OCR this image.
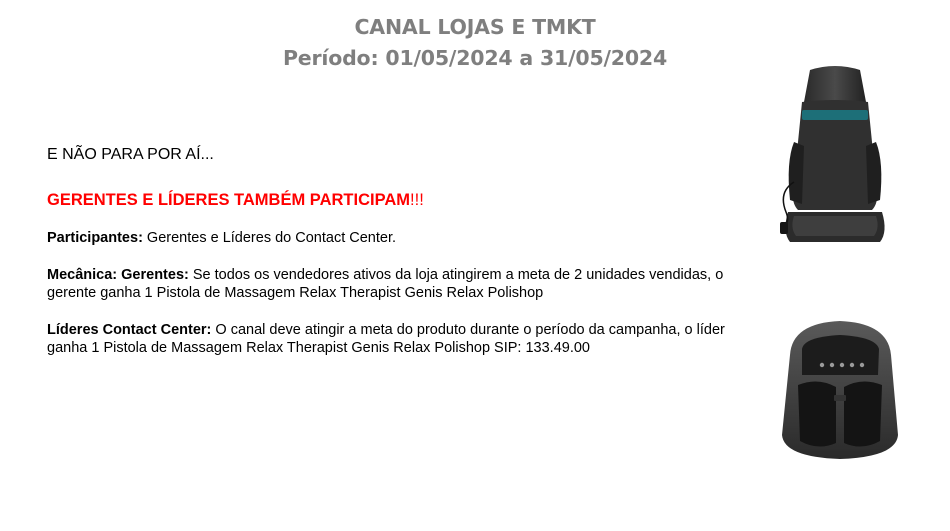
CANAL LOJAS E TMKT
Período: 01/05/2024 a 31/05/2024

E NÃO PARA POR AÍ...

GERENTES E LÍDERES TAMBÉM PARTICIPAM!!!

Participantes: Gerentes e Líderes do Contact Center.

Mecânica: Gerentes: Se todos os vendedores ativos da loja atingirem a meta de 2 unidades vendidas, o gerente ganha 1 Pistola de Massagem Relax Therapist Genis Relax Polishop

Líderes Contact Center: O canal deve atingir a meta do produto durante o período da campanha, o líder ganha 1 Pistola de Massagem Relax Therapist Genis Relax Polishop SIP: 133.49.00
